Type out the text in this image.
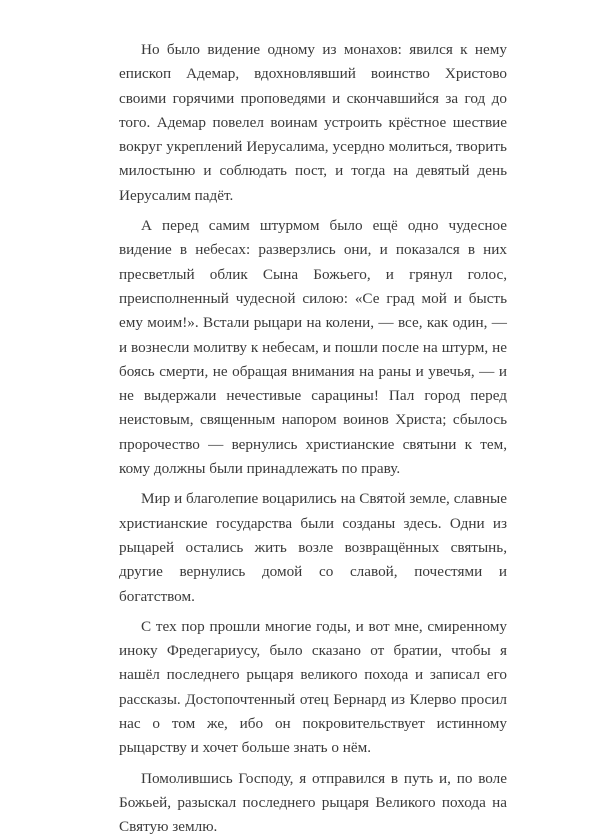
Но было видение одному из монахов: явился к нему епископ Адемар, вдохновлявший воинство Христово своими горячими проповедями и скончавшийся за год до того. Адемар повелел воинам устроить крёстное шествие вокруг укреплений Иерусалима, усердно молиться, творить милостыню и соблюдать пост, и тогда на девятый день Иерусалим падёт.

А перед самим штурмом было ещё одно чудесное видение в небесах: разверзлись они, и показался в них пресветлый облик Сына Божьего, и грянул голос, преисполненный чудесной силою: «Се град мой и бысть ему моим!». Встали рыцари на колени, — все, как один, — и вознесли молитву к небесам, и пошли после на штурм, не боясь смерти, не обращая внимания на раны и увечья, — и не выдержали нечестивые сарацины! Пал город перед неистовым, священным напором воинов Христа; сбылось пророчество — вернулись христианские святыни к тем, кому должны были принадлежать по праву.

Мир и благолепие воцарились на Святой земле, славные христианские государства были созданы здесь. Одни из рыцарей остались жить возле возвращённых святынь, другие вернулись домой со славой, почестями и богатством.

С тех пор прошли многие годы, и вот мне, смиренному иноку Фредегариусу, было сказано от братии, чтобы я нашёл последнего рыцаря великого похода и записал его рассказы. Достопочтенный отец Бернард из Клерво просил нас о том же, ибо он покровительствует истинному рыцарству и хочет больше знать о нём.

Помолившись Господу, я отправился в путь и, по воле Божьей, разыскал последнего рыцаря Великого похода на Святую землю.
